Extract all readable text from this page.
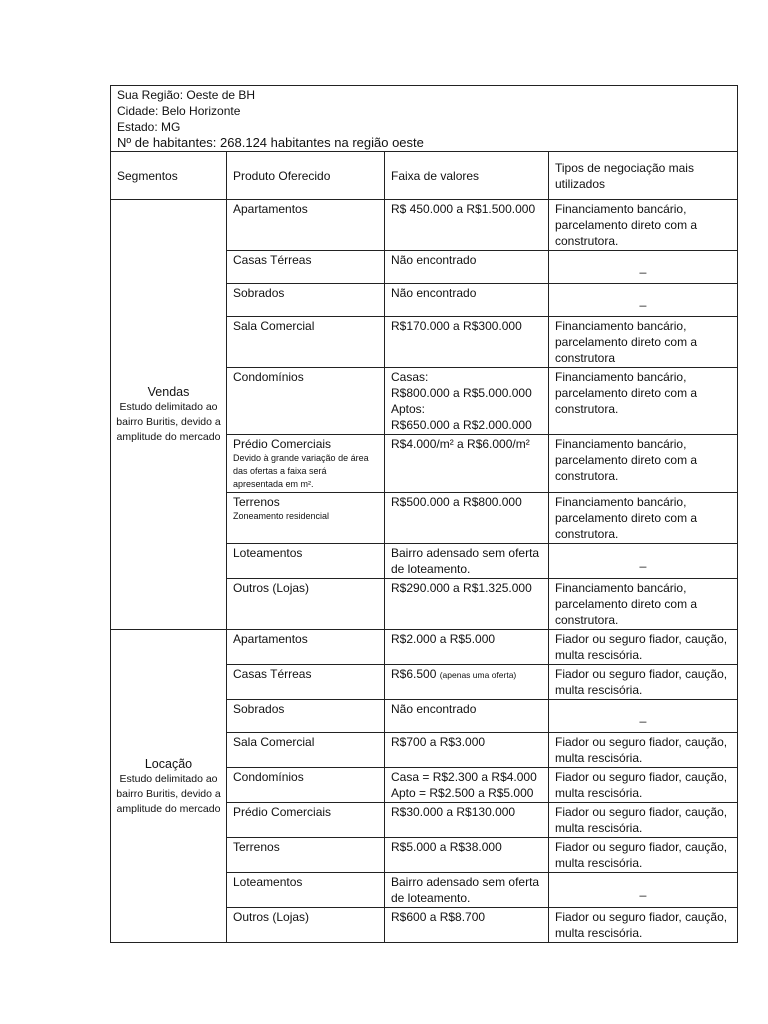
Sua Região: Oeste de BH
Cidade: Belo Horizonte
Estado: MG
Nº de habitantes: 268.124 habitantes na região oeste			

Segmentos	Produto Oferecido	Faixa de valores	Tipos de negociação mais utilizados

Vendas
Estudo delimitado ao bairro Buritis, devido a amplitude do mercado	Apartamentos	R$ 450.000 a R$1.500.000	Financiamento bancário, parcelamento direto com a construtora.

	Casas Térreas	Não encontrado	_

	Sobrados	Não encontrado	_

	Sala Comercial	R$170.000 a R$300.000	Financiamento bancário, parcelamento direto com a construtora

	Condomínios	Casas:
R$800.000 a R$5.000.000
Aptos:
R$650.000 a R$2.000.000	Financiamento bancário, parcelamento direto com a construtora.

	Prédio Comerciais
Devido à grande variação de área das ofertas a faixa será apresentada em m².	R$4.000/m² a R$6.000/m²	Financiamento bancário, parcelamento direto com a construtora.

	Terrenos
Zoneamento residencial	R$500.000 a R$800.000	Financiamento bancário, parcelamento direto com a construtora.

	Loteamentos	Bairro adensado sem oferta de loteamento.	_

	Outros (Lojas)	R$290.000 a R$1.325.000	Financiamento bancário, parcelamento direto com a construtora.

Locação
Estudo delimitado ao bairro Buritis, devido a amplitude do mercado	Apartamentos	R$2.000 a R$5.000	Fiador ou seguro fiador, caução, multa rescisória.

	Casas Térreas	R$6.500 (apenas uma oferta)	Fiador ou seguro fiador, caução, multa rescisória.

	Sobrados	Não encontrado	_

	Sala Comercial	R$700 a R$3.000	Fiador ou seguro fiador, caução, multa rescisória.

	Condomínios	Casa = R$2.300 a R$4.000
Apto = R$2.500 a R$5.000	Fiador ou seguro fiador, caução, multa rescisória.

	Prédio Comerciais	R$30.000 a R$130.000	Fiador ou seguro fiador, caução, multa rescisória.

	Terrenos	R$5.000 a R$38.000	Fiador ou seguro fiador, caução, multa rescisória.

	Loteamentos	Bairro adensado sem oferta de loteamento.	_

	Outros (Lojas)	R$600 a R$8.700	Fiador ou seguro fiador, caução, multa rescisória.
